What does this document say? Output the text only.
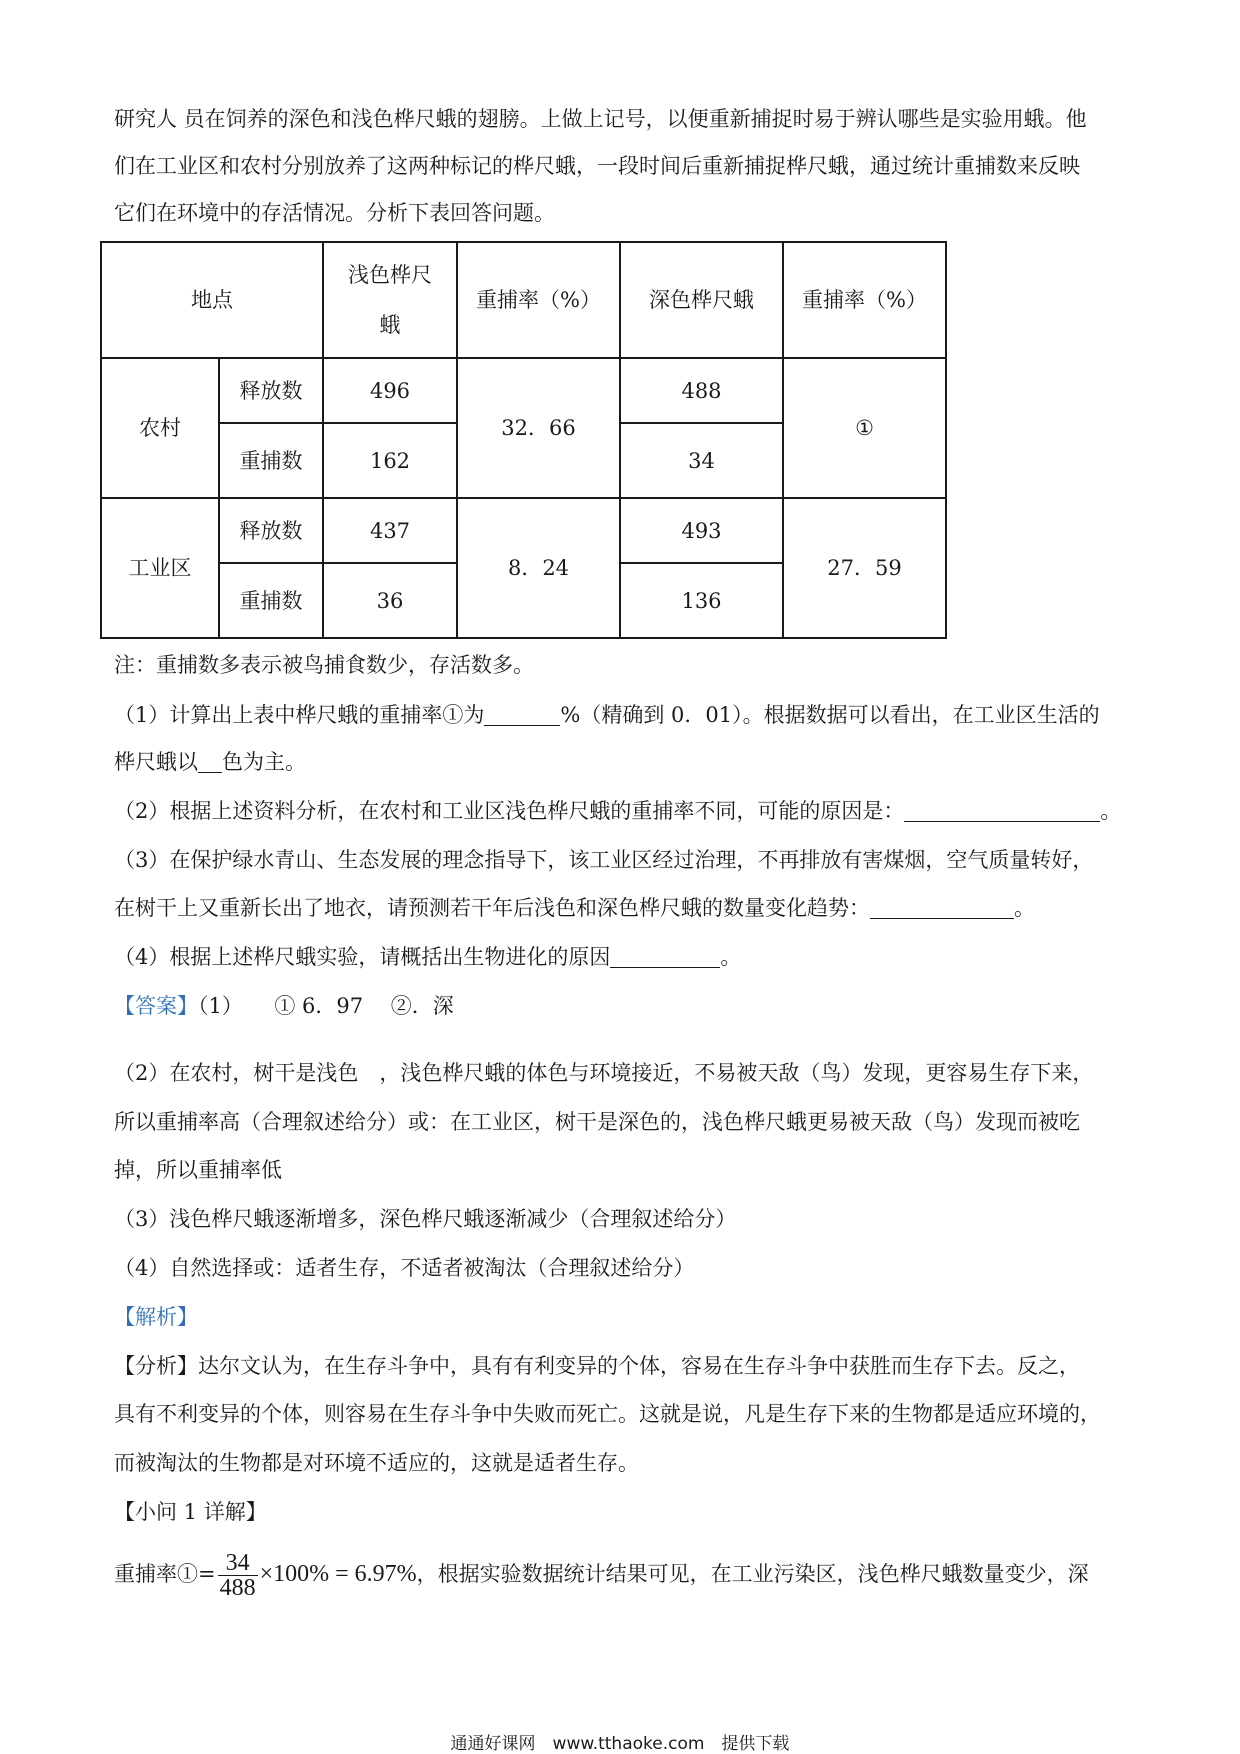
研究人 员在饲养的深色和浅色桦尺蛾的翅膀。上做上记号，以便重新捕捉时易于辨认哪些是实验用蛾。他
们在工业区和农村分别放养了这两种标记的桦尺蛾，一段时间后重新捕捉桦尺蛾，通过统计重捕数来反映
它们在环境中的存活情况。分析下表回答问题。
地点		浅色桦尺蛾	重捕率（%）	深色桦尺蛾	重捕率（%）
农村	释放数	496	32．66	488	①
	重捕数	162		34	
工业区	释放数	437	8．24	493	27．59
	重捕数	36		136	
注：重捕数多表示被鸟捕食数少，存活数多。
（1）计算出上表中桦尺蛾的重捕率①为	%（精确到 0．01）。根据数据可以看出，在工业区生活的
桦尺蛾以 色为主。
（2）根据上述资料分析，在农村和工业区浅色桦尺蛾的重捕率不同，可能的原因是：	。
（3）在保护绿水青山、生态发展的理念指导下，该工业区经过治理，不再排放有害煤烟，空气质量转好，
在树干上又重新长出了地衣，请预测若干年后浅色和深色桦尺蛾的数量变化趋势：	。
（4）根据上述桦尺蛾实验，请概括出生物进化的原因	。
【答案】（1）　　① 6．97　 ②．深
（2）在农村，树干是浅色　，浅色桦尺蛾的体色与环境接近，不易被天敌（鸟）发现，更容易生存下来，
所以重捕率高（合理叙述给分）或：在工业区，树干是深色的，浅色桦尺蛾更易被天敌（鸟）发现而被吃
掉，所以重捕率低
（3）浅色桦尺蛾逐渐增多，深色桦尺蛾逐渐减少（合理叙述给分）
（4）自然选择或：适者生存，不适者被淘汰（合理叙述给分）
【解析】
【分析】达尔文认为，在生存斗争中，具有有利变异的个体，容易在生存斗争中获胜而生存下去。反之，
具有不利变异的个体，则容易在生存斗争中失败而死亡。这就是说，凡是生存下来的生物都是适应环境的，
而被淘汰的生物都是对环境不适应的，这就是适者生存。
【小问 1 详解】
重捕率①= $\frac{34}{488} \times 100\% = 6.97\%$，根据实验数据统计结果可见，在工业污染区，浅色桦尺蛾数量变少，深
通通好课网　www.tthaoke.com　提供下载
